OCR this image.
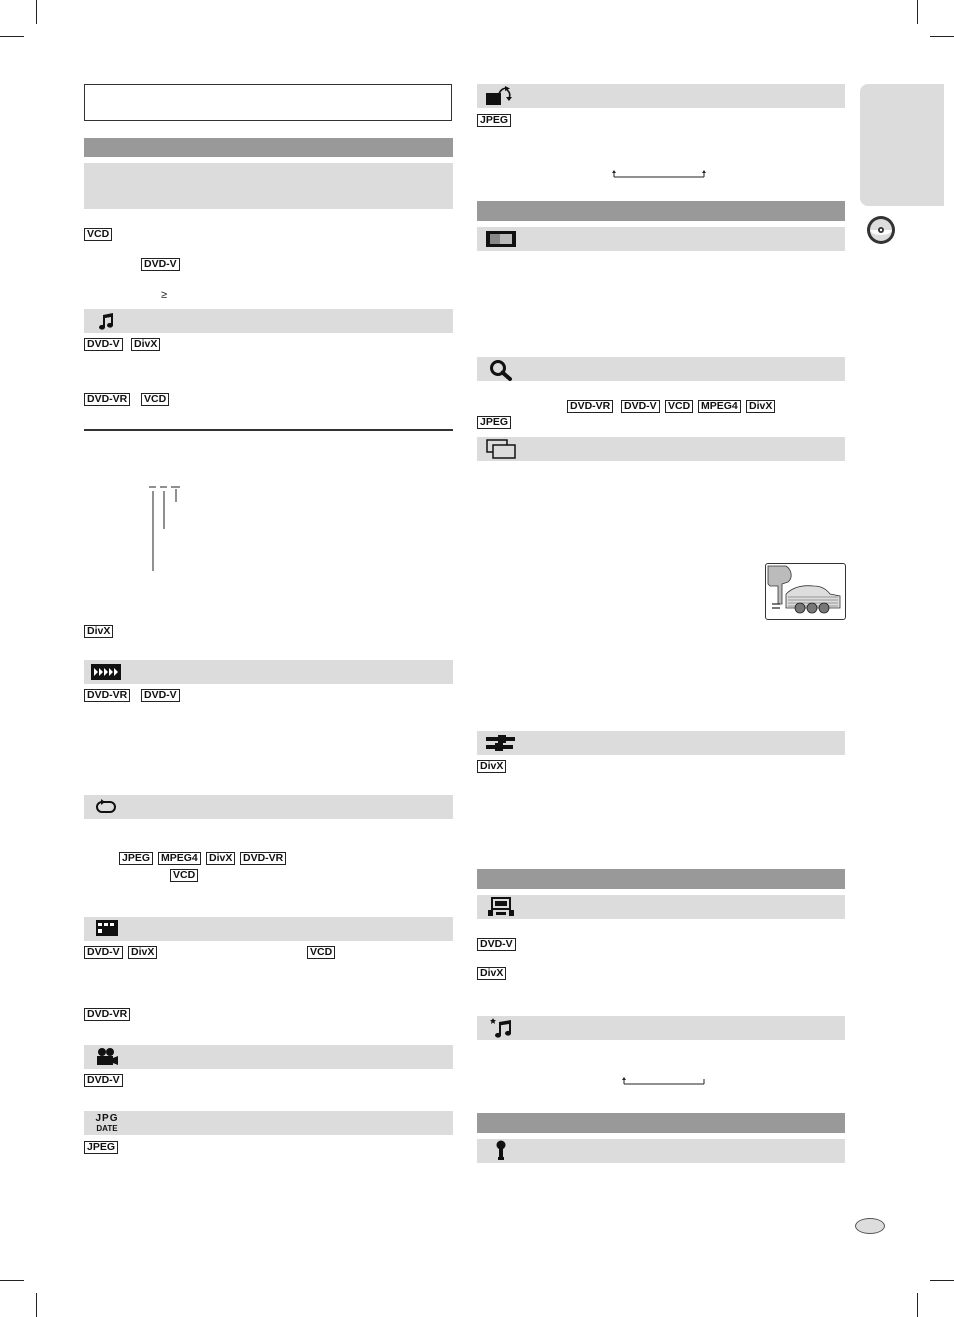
VCD
DVD-V
≥
DVD-V DivX
DVD-VR VCD
DivX
DVD-VR DVD-V
JPEG MPEG4 DivX DVD-VR
VCD
DVD-V DivX	VCD
DVD-VR
DVD-V
JPG
DATE
JPEG
JPEG
DVD-VR DVD-V VCD MPEG4 DivX
JPEG
DivX
DVD-V
DivX
